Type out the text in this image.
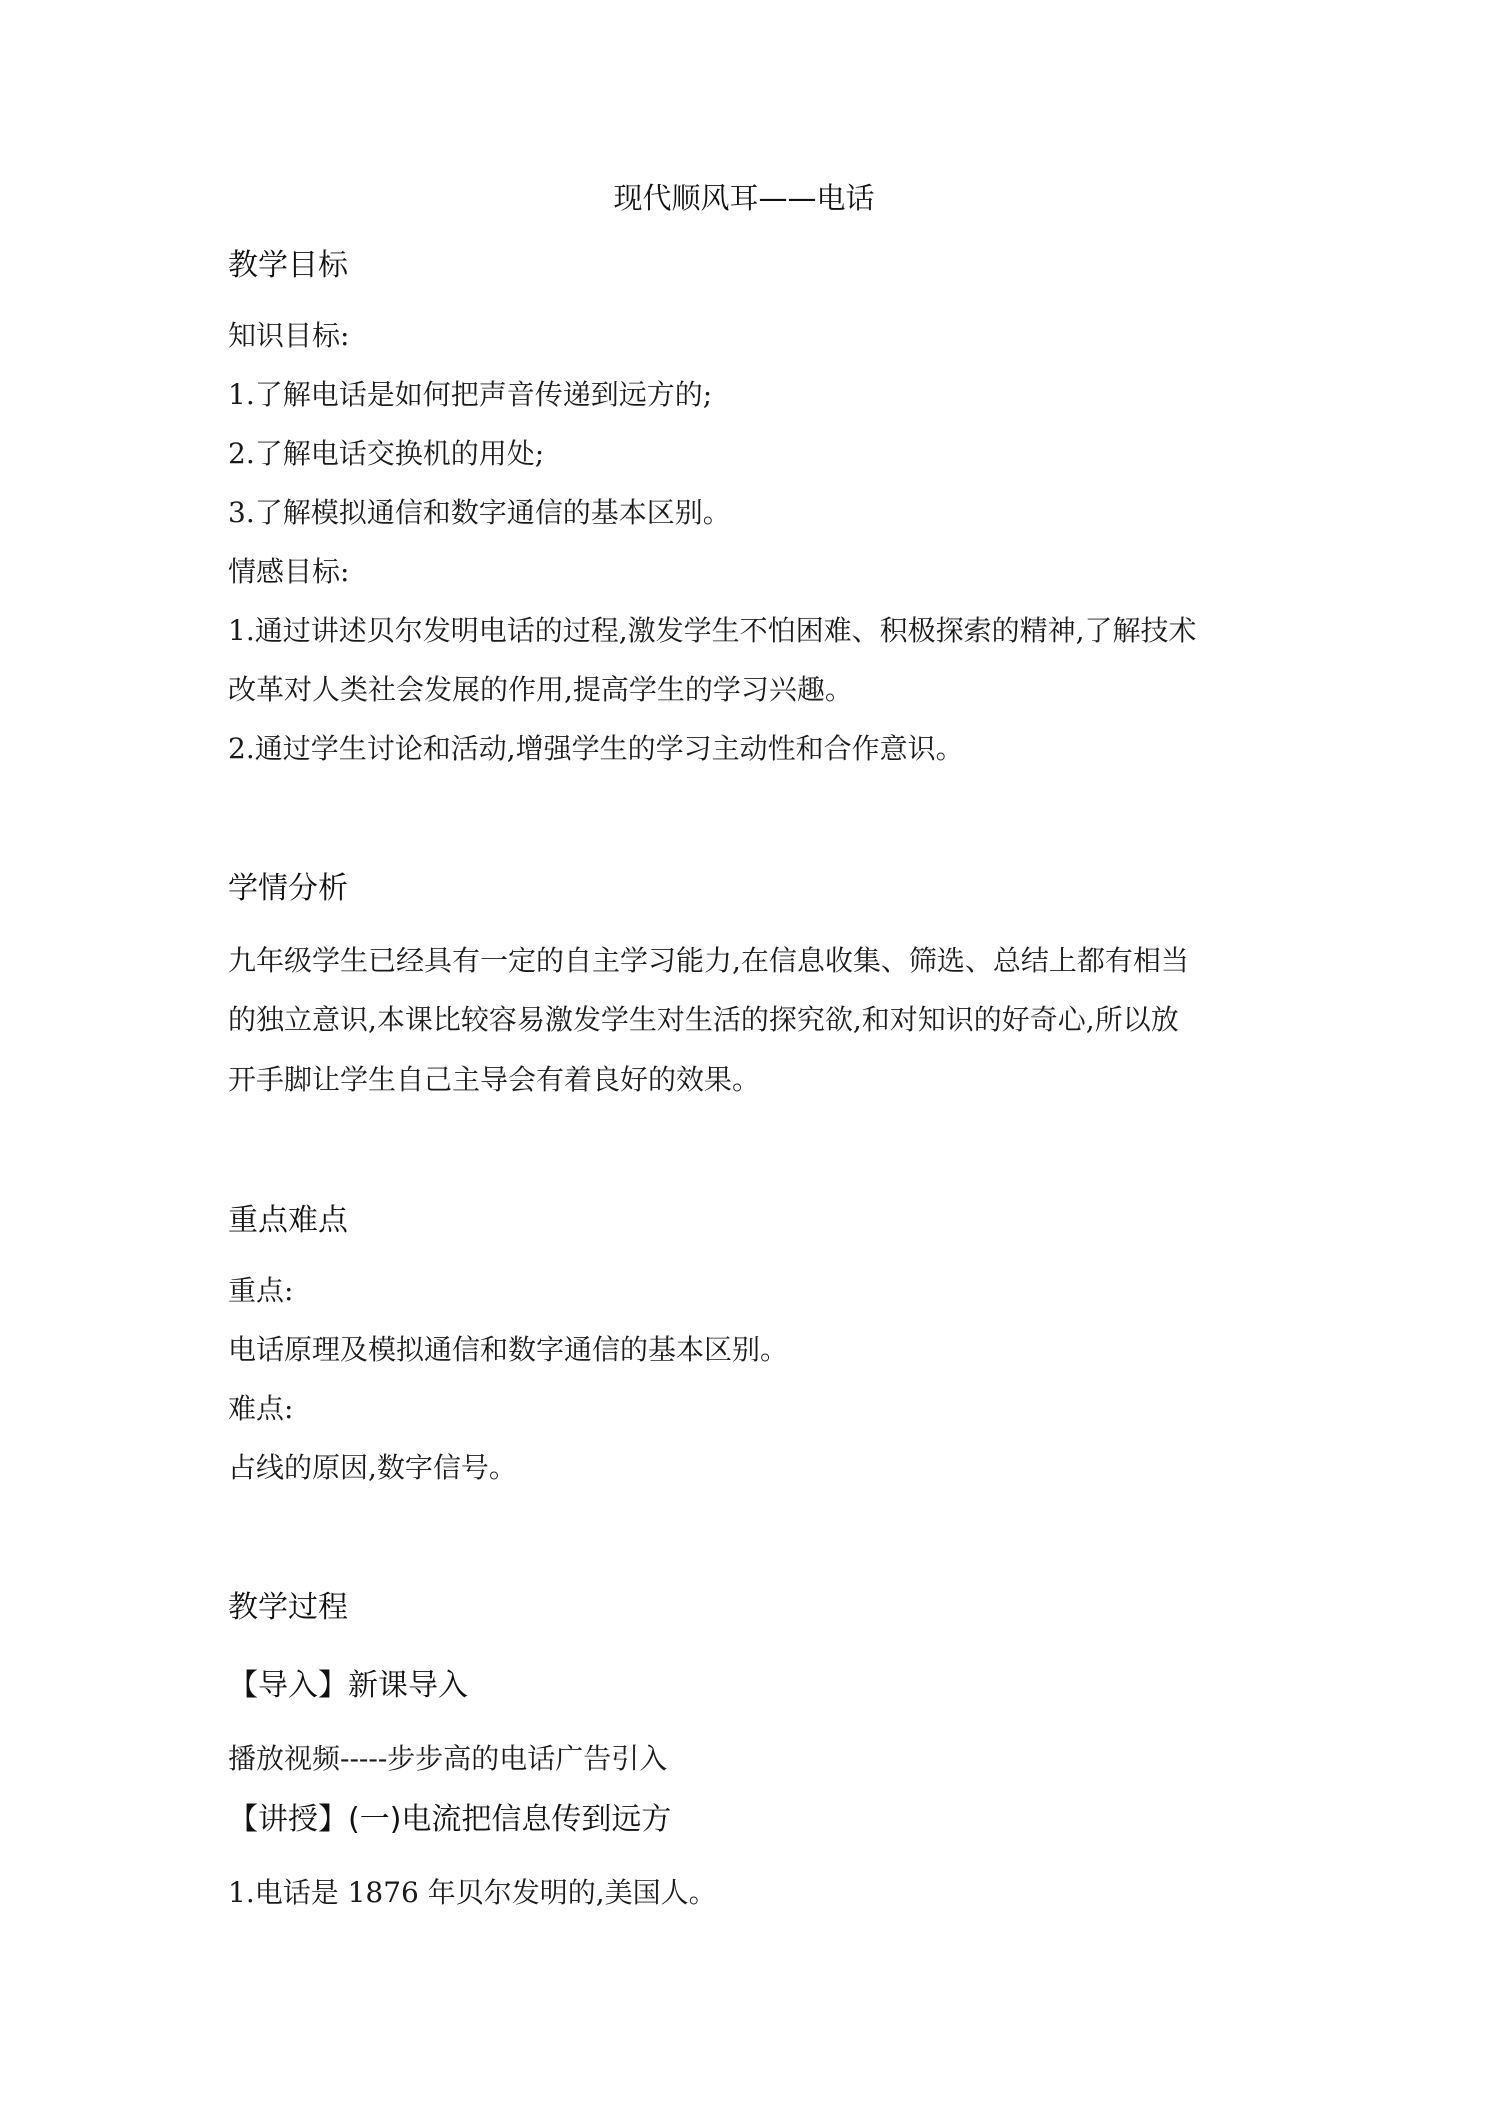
现代顺风耳——电话
教学目标
知识目标:
1.了解电话是如何把声音传递到远方的;
2.了解电话交换机的用处;
3.了解模拟通信和数字通信的基本区别。
情感目标:
1.通过讲述贝尔发明电话的过程,激发学生不怕困难、积极探索的精神,了解技术
改革对人类社会发展的作用,提高学生的学习兴趣。
2.通过学生讨论和活动,增强学生的学习主动性和合作意识。
学情分析
九年级学生已经具有一定的自主学习能力,在信息收集、筛选、总结上都有相当
的独立意识,本课比较容易激发学生对生活的探究欲,和对知识的好奇心,所以放
开手脚让学生自己主导会有着良好的效果。
重点难点
重点:
电话原理及模拟通信和数字通信的基本区别。
难点:
占线的原因,数字信号。
教学过程
【导入】新课导入
播放视频-----步步高的电话广告引入
【讲授】(一)电流把信息传到远方
1.电话是 1876 年贝尔发明的,美国人。
